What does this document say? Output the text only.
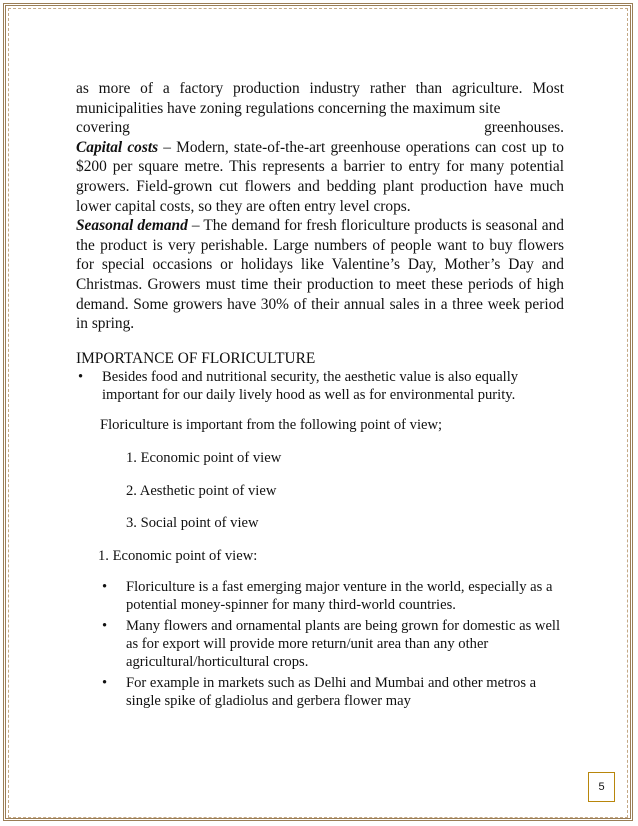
as more of a factory production industry rather than agriculture. Most municipalities have zoning regulations concerning the maximum site

covering	greenhouses.

Capital costs – Modern, state-of-the-art greenhouse operations can cost up to $200 per square metre. This represents a barrier to entry for many potential growers. Field-grown cut flowers and bedding plant production have much lower capital costs, so they are often entry level crops.

Seasonal demand – The demand for fresh floriculture products is seasonal and the product is very perishable. Large numbers of people want to buy flowers for special occasions or holidays like Valentine’s Day, Mother’s Day and Christmas. Growers must time their production to meet these periods of high demand. Some growers have 30% of their annual sales in a three week period in spring.

IMPORTANCE OF FLORICULTURE
•	Besides food and nutritional security, the aesthetic value is also equally important for our daily lively hood as well as for environmental purity.
Floriculture is important from the following point of view;
1. Economic point of view
2. Aesthetic point of view
3. Social point of view
1. Economic point of view:
•	Floriculture is a fast emerging major venture in the world, especially as a potential money-spinner for many third-world countries.
•	Many flowers and ornamental plants are being grown for domestic as well as for export will provide more return/unit area than any other agricultural/horticultural crops.
•	For example in markets such as Delhi and Mumbai and other metros a single spike of gladiolus and gerbera flower may
5
